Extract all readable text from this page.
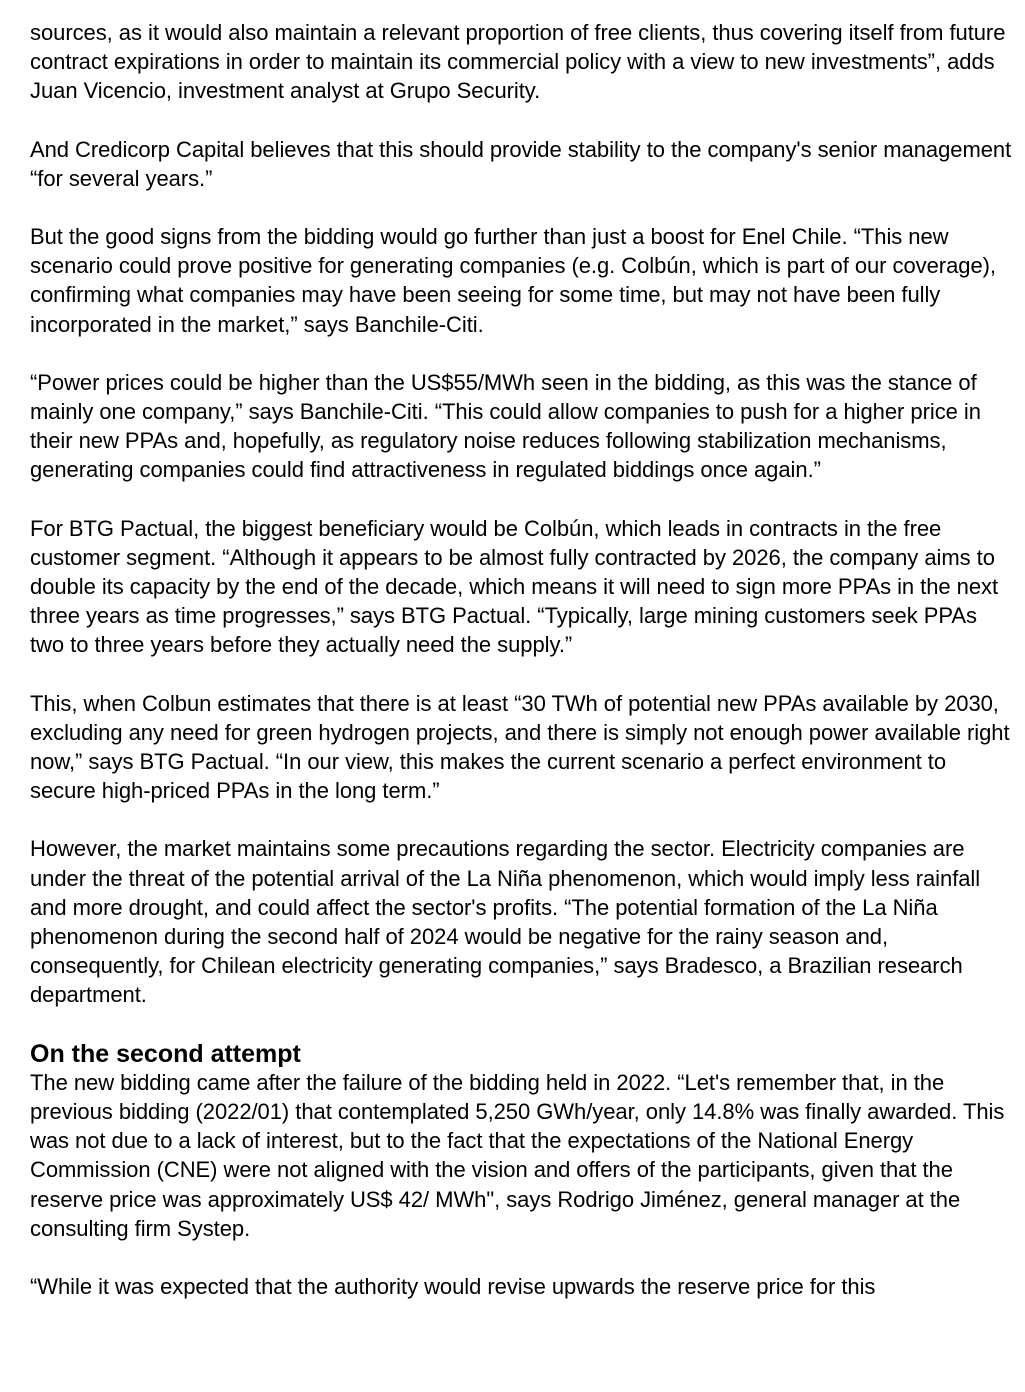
sources, as it would also maintain a relevant proportion of free clients, thus covering itself from future contract expirations in order to maintain its commercial policy with a view to new investments”, adds Juan Vicencio, investment analyst at Grupo Security.

And Credicorp Capital believes that this should provide stability to the company's senior management “for several years.”

But the good signs from the bidding would go further than just a boost for Enel Chile. “This new scenario could prove positive for generating companies (e.g. Colbún, which is part of our coverage), confirming what companies may have been seeing for some time, but may not have been fully incorporated in the market,” says Banchile-Citi.

“Power prices could be higher than the US$55/MWh seen in the bidding, as this was the stance of mainly one company,” says Banchile-Citi. “This could allow companies to push for a higher price in their new PPAs and, hopefully, as regulatory noise reduces following stabilization mechanisms, generating companies could find attractiveness in regulated biddings once again.”

For BTG Pactual, the biggest beneficiary would be Colbún, which leads in contracts in the free customer segment. “Although it appears to be almost fully contracted by 2026, the company aims to double its capacity by the end of the decade, which means it will need to sign more PPAs in the next three years as time progresses,” says BTG Pactual. “Typically, large mining customers seek PPAs two to three years before they actually need the supply.”

This, when Colbun estimates that there is at least “30 TWh of potential new PPAs available by 2030, excluding any need for green hydrogen projects, and there is simply not enough power available right now,” says BTG Pactual. “In our view, this makes the current scenario a perfect environment to secure high-priced PPAs in the long term.”

However, the market maintains some precautions regarding the sector. Electricity companies are under the threat of the potential arrival of the La Niña phenomenon, which would imply less rainfall and more drought, and could affect the sector's profits. “The potential formation of the La Niña phenomenon during the second half of 2024 would be negative for the rainy season and, consequently, for Chilean electricity generating companies,” says Bradesco, a Brazilian research department.

On the second attempt

The new bidding came after the failure of the bidding held in 2022. “Let's remember that, in the previous bidding (2022/01) that contemplated 5,250 GWh/year, only 14.8% was finally awarded. This was not due to a lack of interest, but to the fact that the expectations of the National Energy Commission (CNE) were not aligned with the vision and offers of the participants, given that the reserve price was approximately US$ 42/ MWh", says Rodrigo Jiménez, general manager at the consulting firm Systep.

“While it was expected that the authority would revise upwards the reserve price for this
